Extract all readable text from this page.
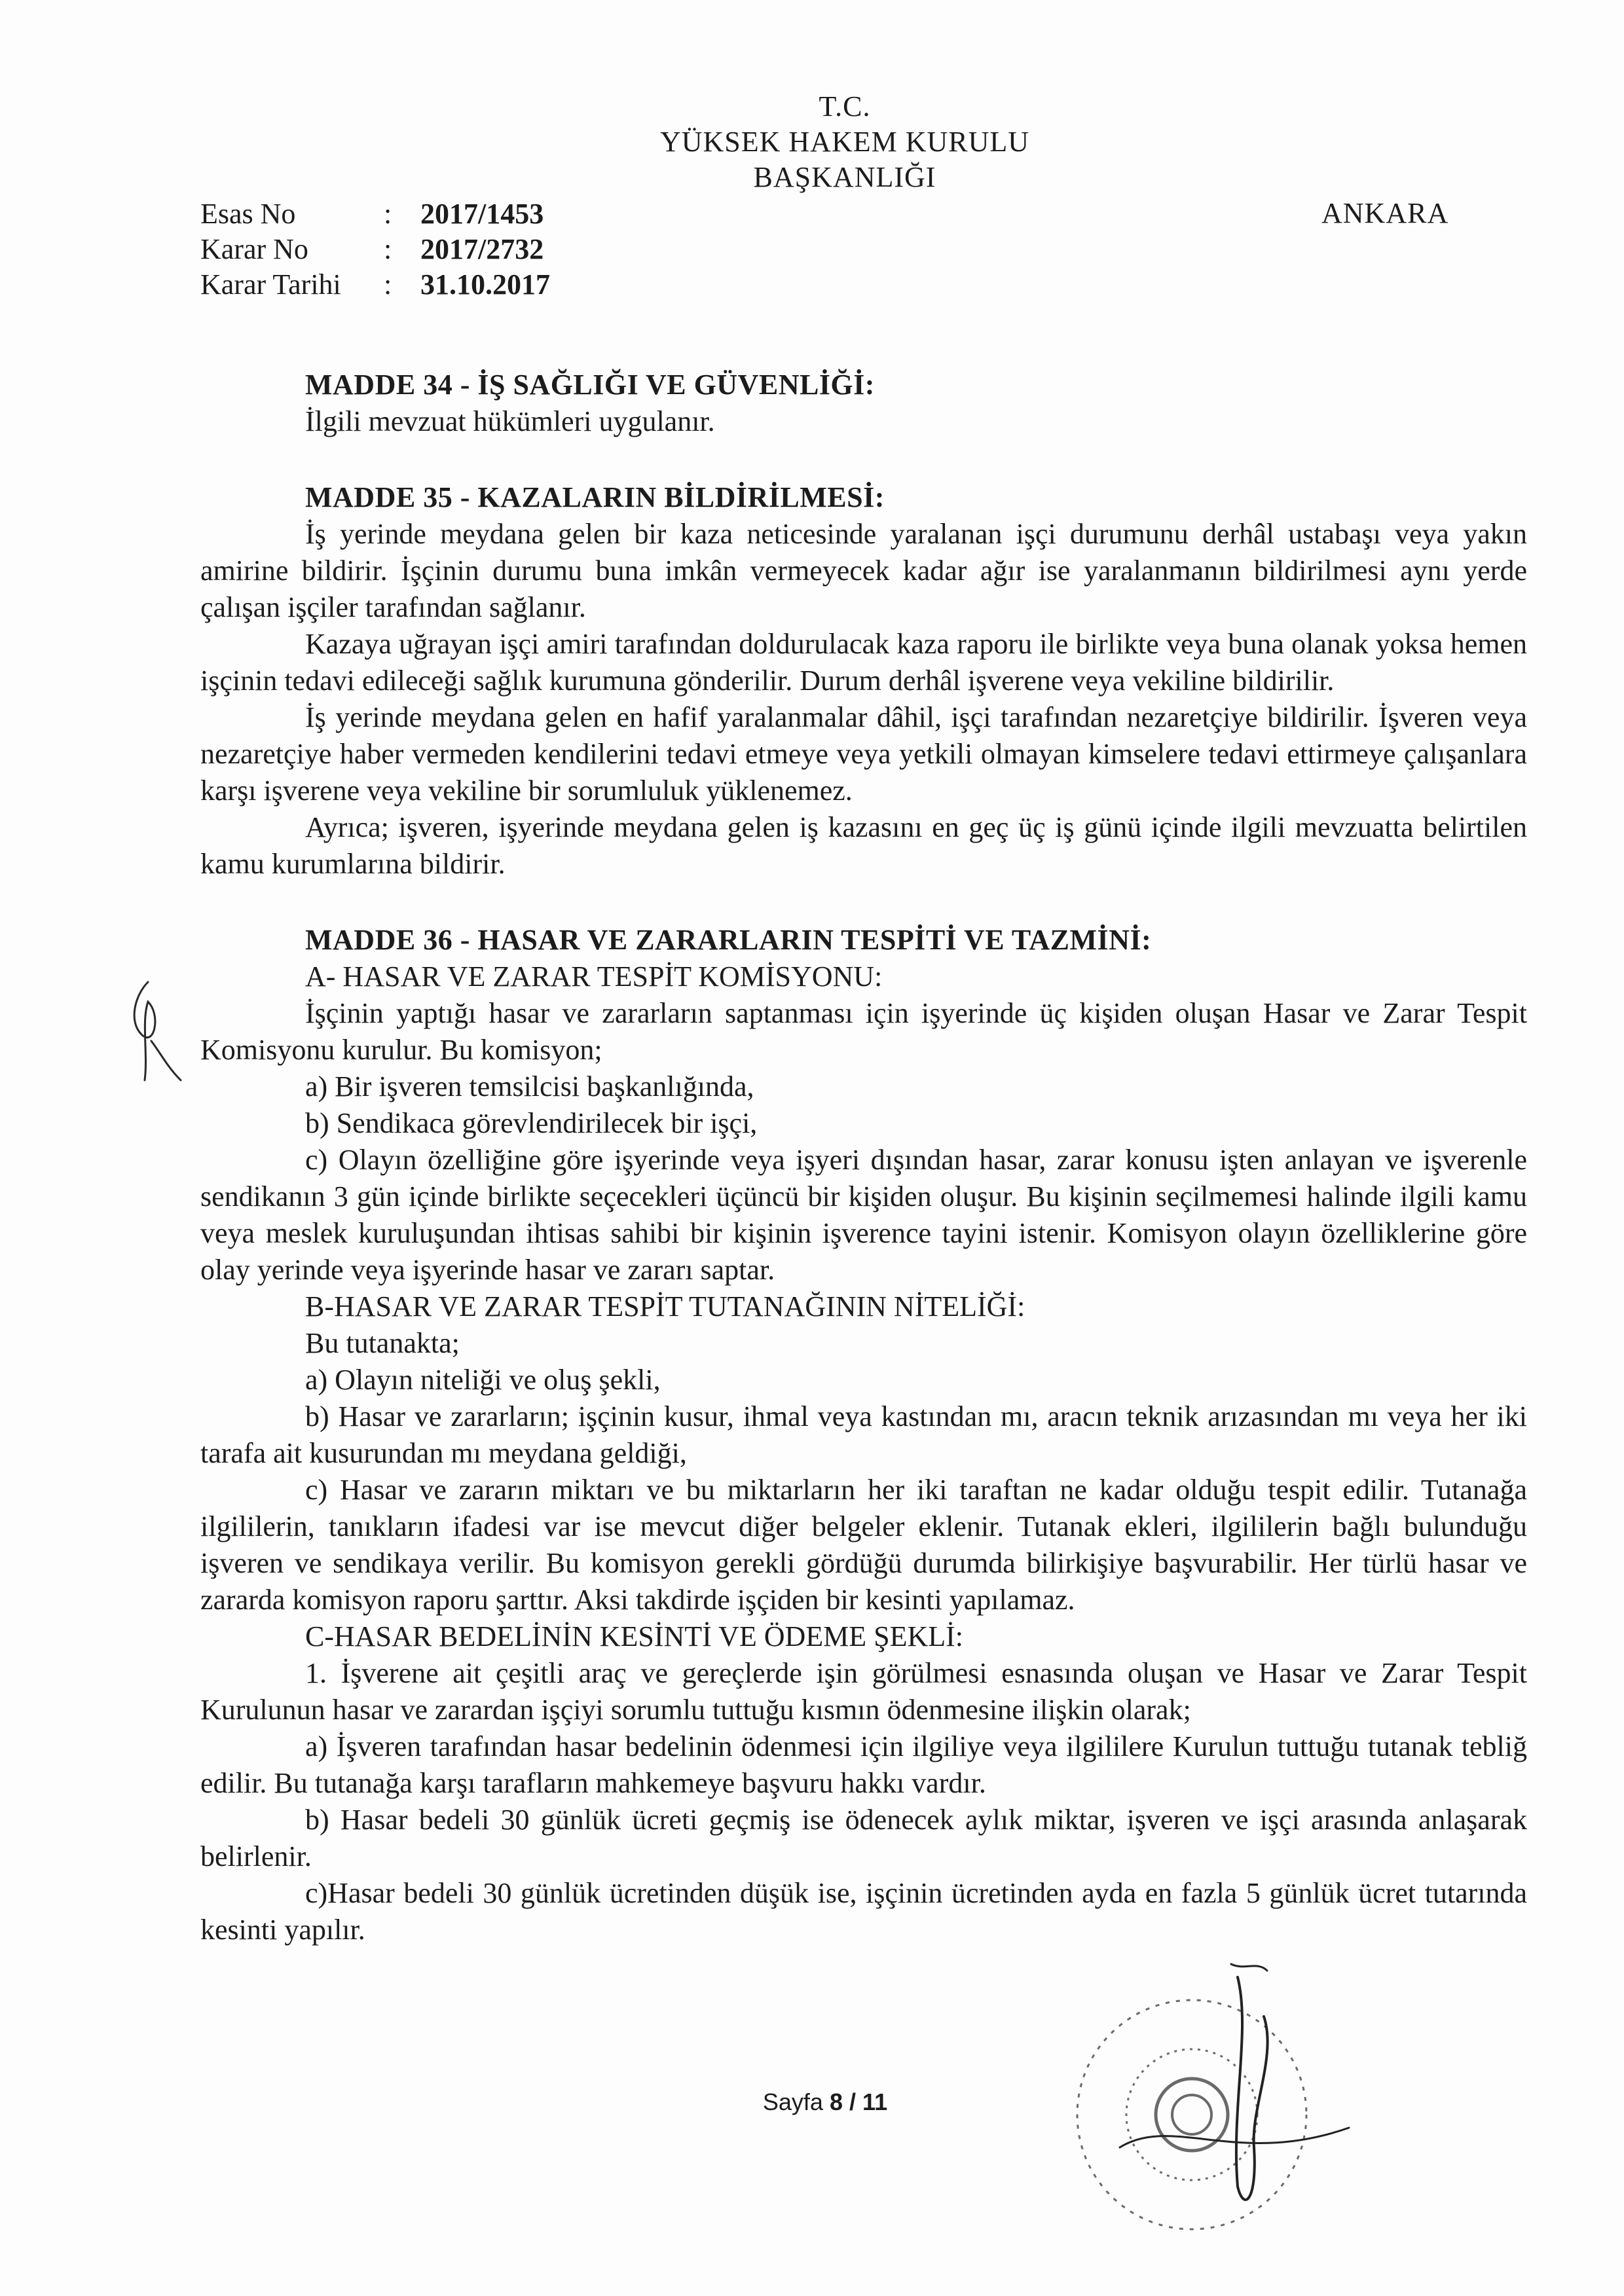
T.C.
YÜKSEK HAKEM KURULU
BAŞKANLIĞI
ANKARA
Esas No	: 2017/1453
Karar No	: 2017/2732
Karar Tarihi	: 31.10.2017

MADDE 34 - İŞ SAĞLIĞI VE GÜVENLİĞİ:

İlgili mevzuat hükümleri uygulanır.

MADDE 35 - KAZALARIN BİLDİRİLMESİ:

İş yerinde meydana gelen bir kaza neticesinde yaralanan işçi durumunu derhâl ustabaşı veya yakın amirine bildirir. İşçinin durumu buna imkân vermeyecek kadar ağır ise yaralanmanın bildirilmesi aynı yerde çalışan işçiler tarafından sağlanır.

Kazaya uğrayan işçi amiri tarafından doldurulacak kaza raporu ile birlikte veya buna olanak yoksa hemen işçinin tedavi edileceği sağlık kurumuna gönderilir. Durum derhâl işverene veya vekiline bildirilir.

İş yerinde meydana gelen en hafif yaralanmalar dâhil, işçi tarafından nezaretçiye bildirilir. İşveren veya nezaretçiye haber vermeden kendilerini tedavi etmeye veya yetkili olmayan kimselere tedavi ettirmeye çalışanlara karşı işverene veya vekiline bir sorumluluk yüklenemez.

Ayrıca; işveren, işyerinde meydana gelen iş kazasını en geç üç iş günü içinde ilgili mevzuatta belirtilen kamu kurumlarına bildirir.

MADDE 36 - HASAR VE ZARARLARIN TESPİTİ VE TAZMİNİ:

A- HASAR VE ZARAR TESPİT KOMİSYONU:

İşçinin yaptığı hasar ve zararların saptanması için işyerinde üç kişiden oluşan Hasar ve Zarar Tespit Komisyonu kurulur. Bu komisyon;

a) Bir işveren temsilcisi başkanlığında,

b) Sendikaca görevlendirilecek bir işçi,

c) Olayın özelliğine göre işyerinde veya işyeri dışından hasar, zarar konusu işten anlayan ve işverenle sendikanın 3 gün içinde birlikte seçecekleri üçüncü bir kişiden oluşur. Bu kişinin seçilmemesi halinde ilgili kamu veya meslek kuruluşundan ihtisas sahibi bir kişinin işverence tayini istenir. Komisyon olayın özelliklerine göre olay yerinde veya işyerinde hasar ve zararı saptar.

B-HASAR VE ZARAR TESPİT TUTANAĞININ NİTELİĞİ:

Bu tutanakta;

a) Olayın niteliği ve oluş şekli,

b) Hasar ve zararların; işçinin kusur, ihmal veya kastından mı, aracın teknik arızasından mı veya her iki tarafa ait kusurundan mı meydana geldiği,

c) Hasar ve zararın miktarı ve bu miktarların her iki taraftan ne kadar olduğu tespit edilir. Tutanağa ilgililerin, tanıkların ifadesi var ise mevcut diğer belgeler eklenir. Tutanak ekleri, ilgililerin bağlı bulunduğu işveren ve sendikaya verilir. Bu komisyon gerekli gördüğü durumda bilirkişiye başvurabilir. Her türlü hasar ve zararda komisyon raporu şarttır. Aksi takdirde işçiden bir kesinti yapılamaz.

C-HASAR BEDELİNİN KESİNTİ VE ÖDEME ŞEKLİ:

1. İşverene ait çeşitli araç ve gereçlerde işin görülmesi esnasında oluşan ve Hasar ve Zarar Tespit Kurulunun hasar ve zarardan işçiyi sorumlu tuttuğu kısmın ödenmesine ilişkin olarak;

a) İşveren tarafından hasar bedelinin ödenmesi için ilgiliye veya ilgililere Kurulun tuttuğu tutanak tebliğ edilir. Bu tutanağa karşı tarafların mahkemeye başvuru hakkı vardır.

b) Hasar bedeli 30 günlük ücreti geçmiş ise ödenecek aylık miktar, işveren ve işçi arasında anlaşarak belirlenir.

c)Hasar bedeli 30 günlük ücretinden düşük ise, işçinin ücretinden ayda en fazla 5 günlük ücret tutarında kesinti yapılır.

Sayfa 8 / 11
